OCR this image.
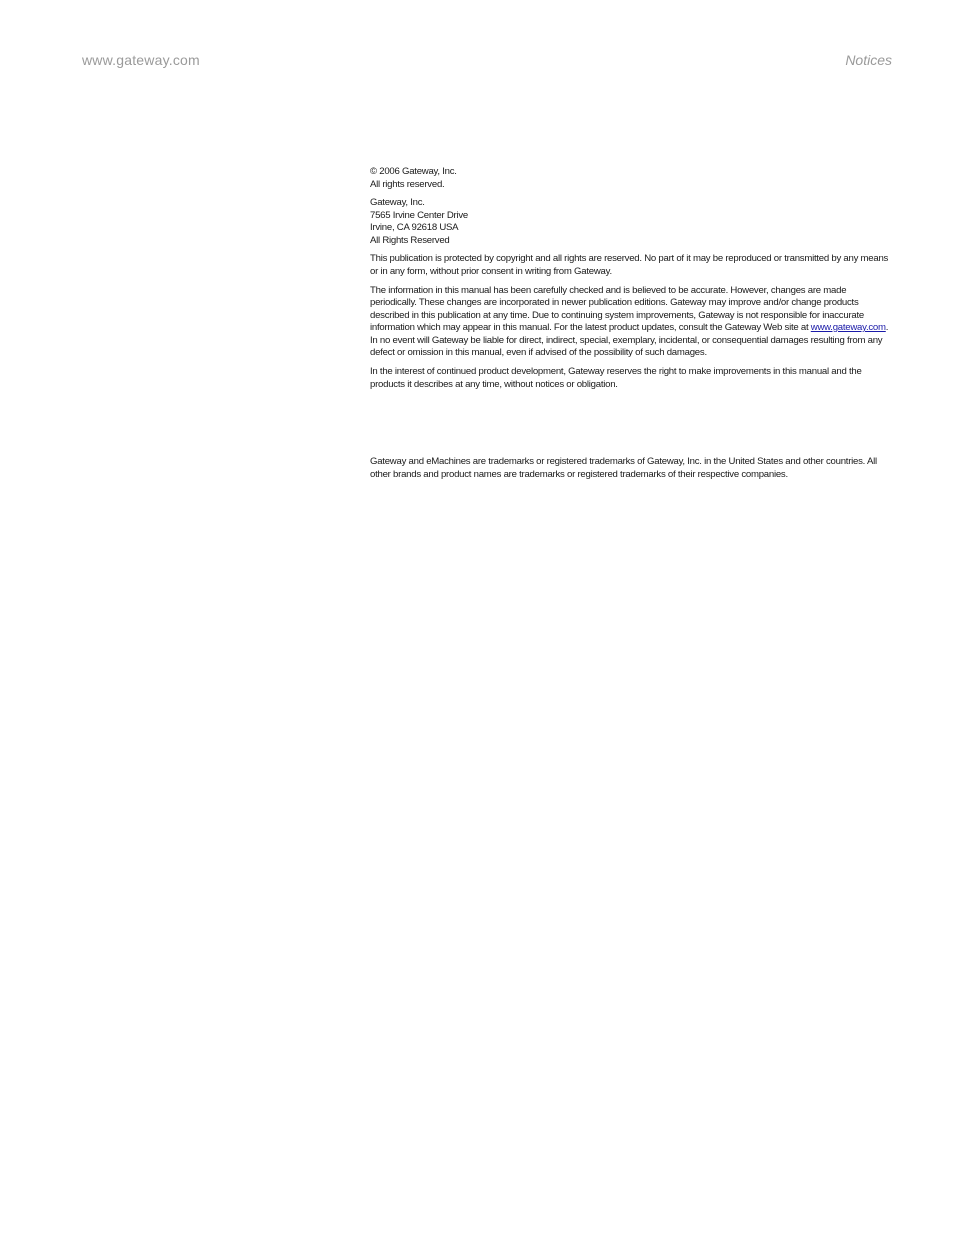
www.gateway.com	Notices
© 2006 Gateway, Inc.
All rights reserved.
Gateway, Inc.
7565 Irvine Center Drive
Irvine, CA 92618 USA
All Rights Reserved

This publication is protected by copyright and all rights are reserved. No part of it may be reproduced or transmitted by any means or in any form, without prior consent in writing from Gateway.

The information in this manual has been carefully checked and is believed to be accurate. However, changes are made periodically. These changes are incorporated in newer publication editions. Gateway may improve and/or change products described in this publication at any time. Due to continuing system improvements, Gateway is not responsible for inaccurate information which may appear in this manual. For the latest product updates, consult the Gateway Web site at www.gateway.com. In no event will Gateway be liable for direct, indirect, special, exemplary, incidental, or consequential damages resulting from any defect or omission in this manual, even if advised of the possibility of such damages.

In the interest of continued product development, Gateway reserves the right to make improvements in this manual and the products it describes at any time, without notices or obligation.

Gateway and eMachines are trademarks or registered trademarks of Gateway, Inc. in the United States and other countries. All other brands and product names are trademarks or registered trademarks of their respective companies.
